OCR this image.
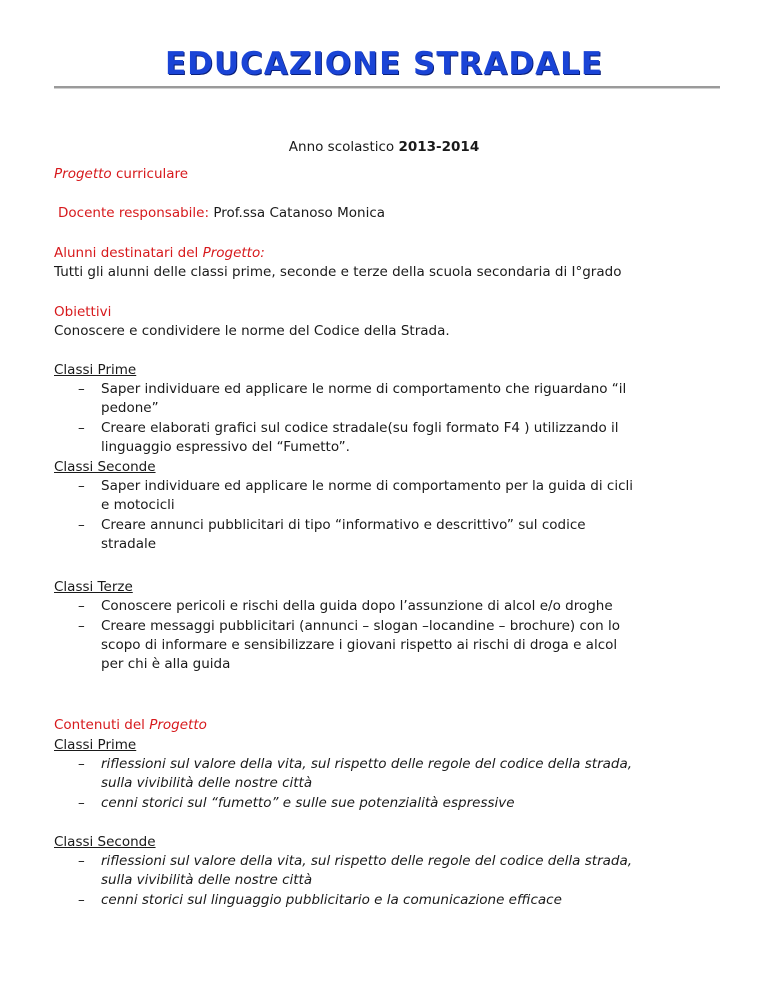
EDUCAZIONE STRADALE
Anno scolastico 2013-2014
Progetto curriculare
Docente responsabile: Prof.ssa Catanoso Monica
Alunni destinatari del Progetto:
Tutti gli alunni delle classi prime, seconde e terze della scuola secondaria di I°grado
Obiettivi
Conoscere e condividere le norme del Codice della Strada.
Classi Prime
– Saper individuare ed applicare le norme di comportamento che riguardano “il
pedone”
– Creare elaborati grafici sul codice stradale(su fogli formato F4 ) utilizzando il
linguaggio espressivo del “Fumetto”.
Classi Seconde
– Saper individuare ed applicare le norme di comportamento per la guida di cicli
e motocicli
– Creare annunci pubblicitari di tipo “informativo e descrittivo” sul codice
stradale
Classi Terze
– Conoscere pericoli e rischi della guida dopo l’assunzione di alcol e/o droghe
– Creare messaggi pubblicitari (annunci – slogan –locandine – brochure) con lo
scopo di informare e sensibilizzare i giovani rispetto ai rischi di droga e alcol
per chi è alla guida
Contenuti del Progetto
Classi Prime
– riflessioni sul valore della vita, sul rispetto delle regole del codice della strada,
sulla vivibilità delle nostre città
– cenni storici sul “fumetto” e sulle sue potenzialità espressive
Classi Seconde
– riflessioni sul valore della vita, sul rispetto delle regole del codice della strada,
sulla vivibilità delle nostre città
– cenni storici sul linguaggio pubblicitario e la comunicazione efficace
